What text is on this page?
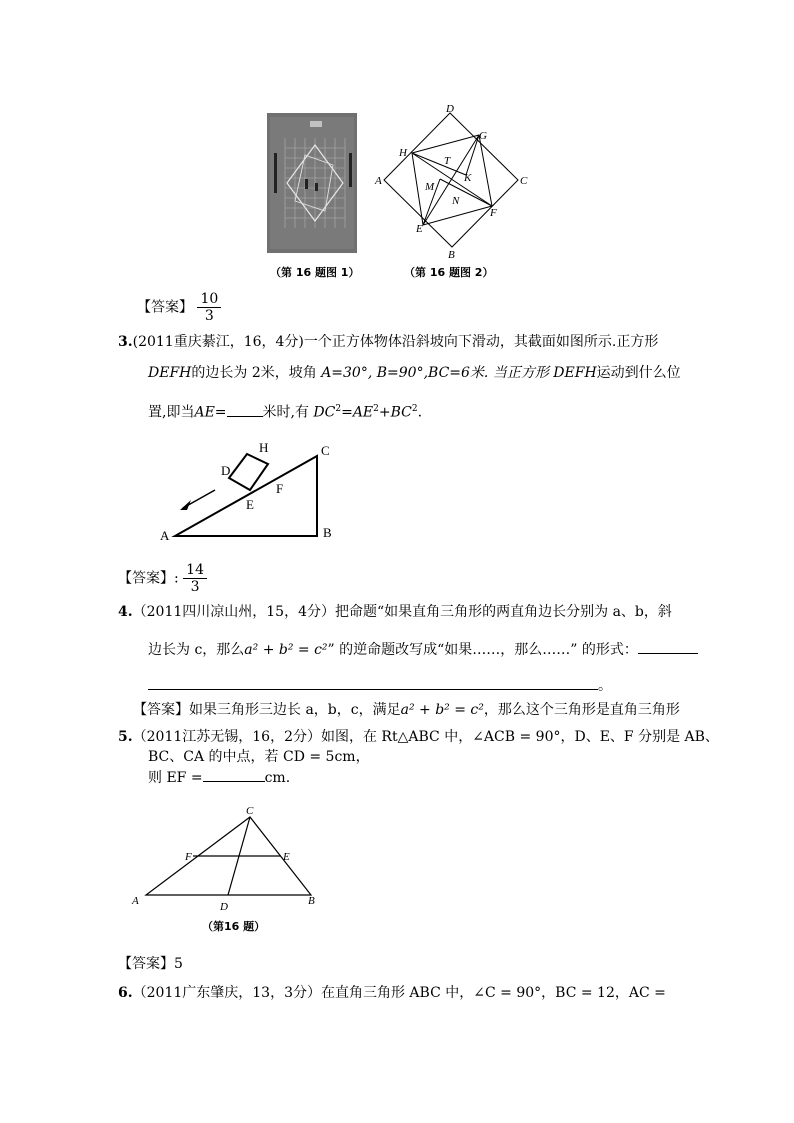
（第 16 题图 1）
D
G
H
T
A	K	C
M
N
F
E
B
（第 16 题图 2）
【答案】 $\frac{10}{3}$
3.(2011重庆綦江，16，4分)一个正方体物体沿斜坡向下滑动，其截面如图所示.正方形
DEFH的边长为 2米，坡角 A=30°, B=90°,BC=6米. 当正方形 DEFH运动到什么位
置,即当AE=	米时,有 $DC^2=AE^2+BC^2$.
H	C
D
F
E
A	B
【答案】: $\frac{14}{3}$
4.（2011四川凉山州，15，4分）把命题“如果直角三角形的两直角边长分别为 a、b，斜
边长为 c，那么a² + b² = c²” 的逆命题改写成“如果……，那么……” 的形式：
。
【答案】如果三角形三边长 a，b，c，满足a² + b² = c²，那么这个三角形是直角三角形
5.（2011江苏无锡，16，2分）如图，在 Rt△ABC 中，∠ACB = 90°，D、E、F 分别是 AB、
BC、CA 的中点，若 CD = 5cm，
则 EF =	cm.
C
F	E
A	D	B
（第16 题）
【答案】5
6.（2011广东肇庆，13，3分）在直角三角形 ABC 中，∠C = 90°，BC = 12，AC =
